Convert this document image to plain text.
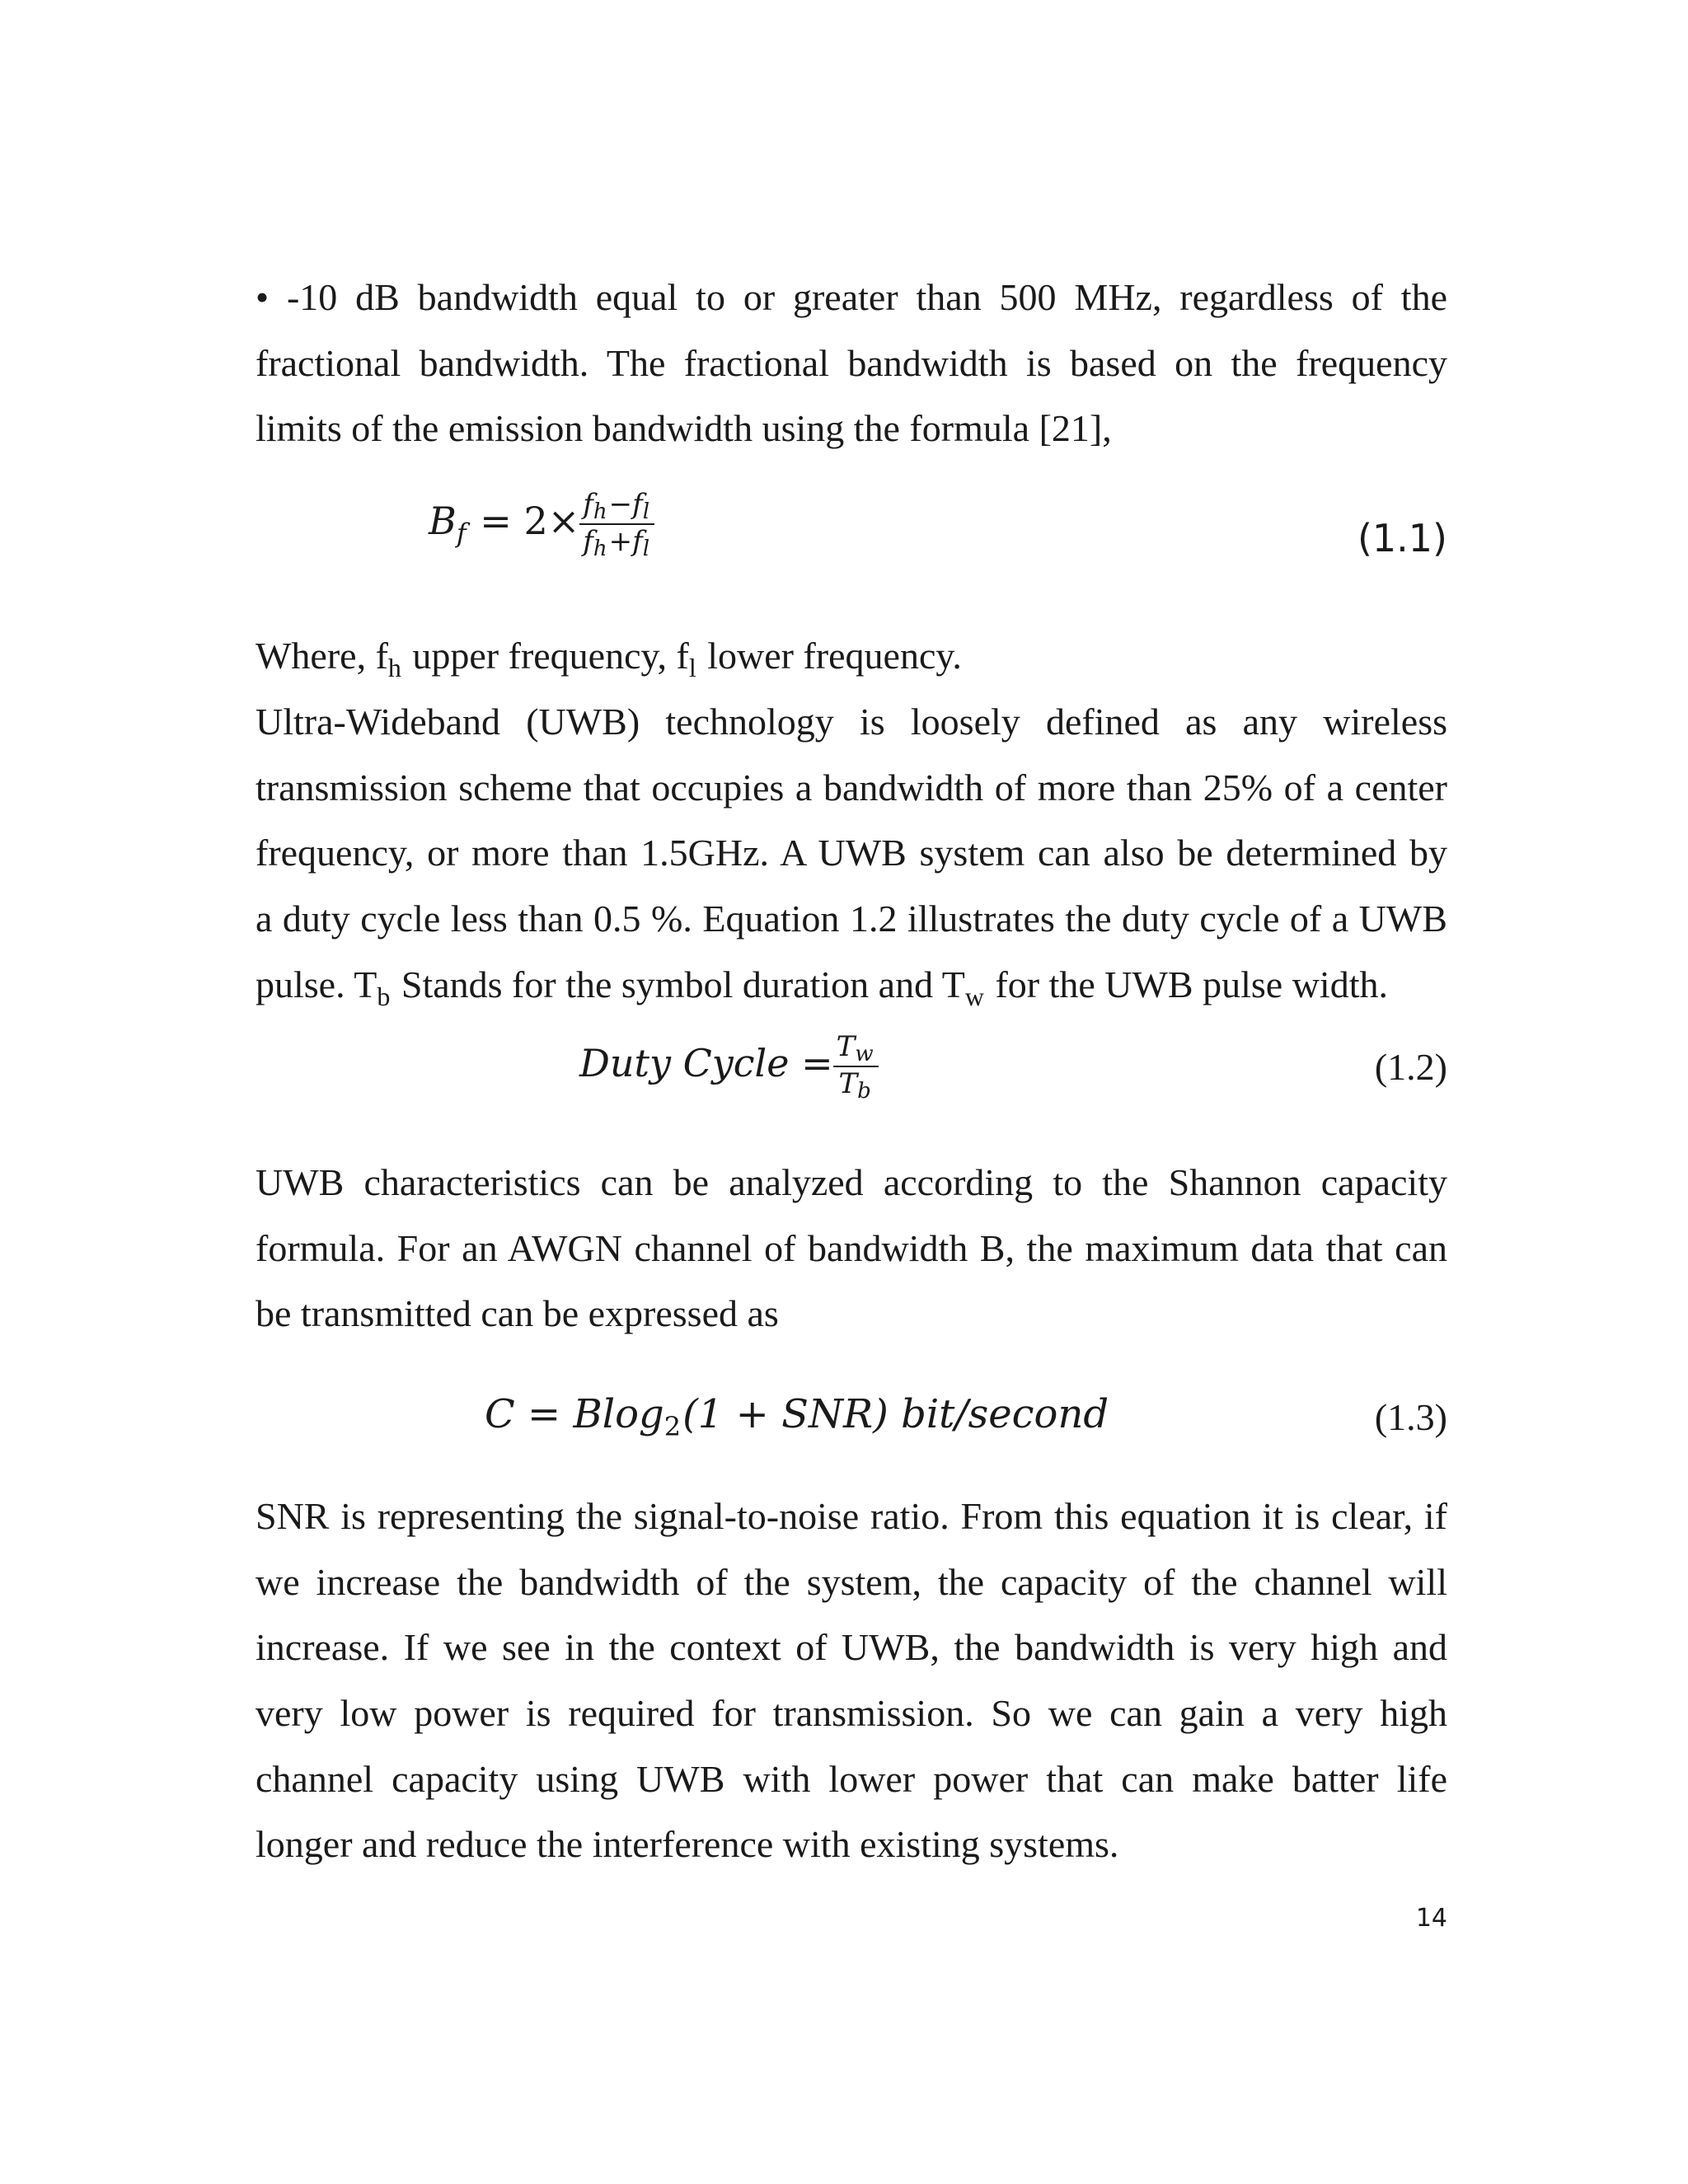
• -10 dB bandwidth equal to or greater than 500 MHz, regardless of the
fractional bandwidth. The fractional bandwidth is based on the frequency
limits of the emission bandwidth using the formula [21],
$B_f = 2\times \frac{fh-fl}{fh+fl}$	(1.1)
Where, $f_h$ upper frequency, $f_l$ lower frequency.
Ultra-Wideband (UWB) technology is loosely defined as any wireless
transmission scheme that occupies a bandwidth of more than 25% of a center
frequency, or more than 1.5GHz. A UWB system can also be determined by
a duty cycle less than 0.5 %. Equation 1.2 illustrates the duty cycle of a UWB
pulse. $T_b$ Stands for the symbol duration and $T_w$ for the UWB pulse width.
Duty Cycle = $\frac{Tw}{Tb}$	(1.2)
UWB characteristics can be analyzed according to the Shannon capacity
formula. For an AWGN channel of bandwidth B, the maximum data that can
be transmitted can be expressed as
C = Blog$_2$(1 + SNR) bit/second	(1.3)
SNR is representing the signal-to-noise ratio. From this equation it is clear, if
we increase the bandwidth of the system, the capacity of the channel will
increase. If we see in the context of UWB, the bandwidth is very high and
very low power is required for transmission. So we can gain a very high
channel capacity using UWB with lower power that can make batter life
longer and reduce the interference with existing systems.
14
